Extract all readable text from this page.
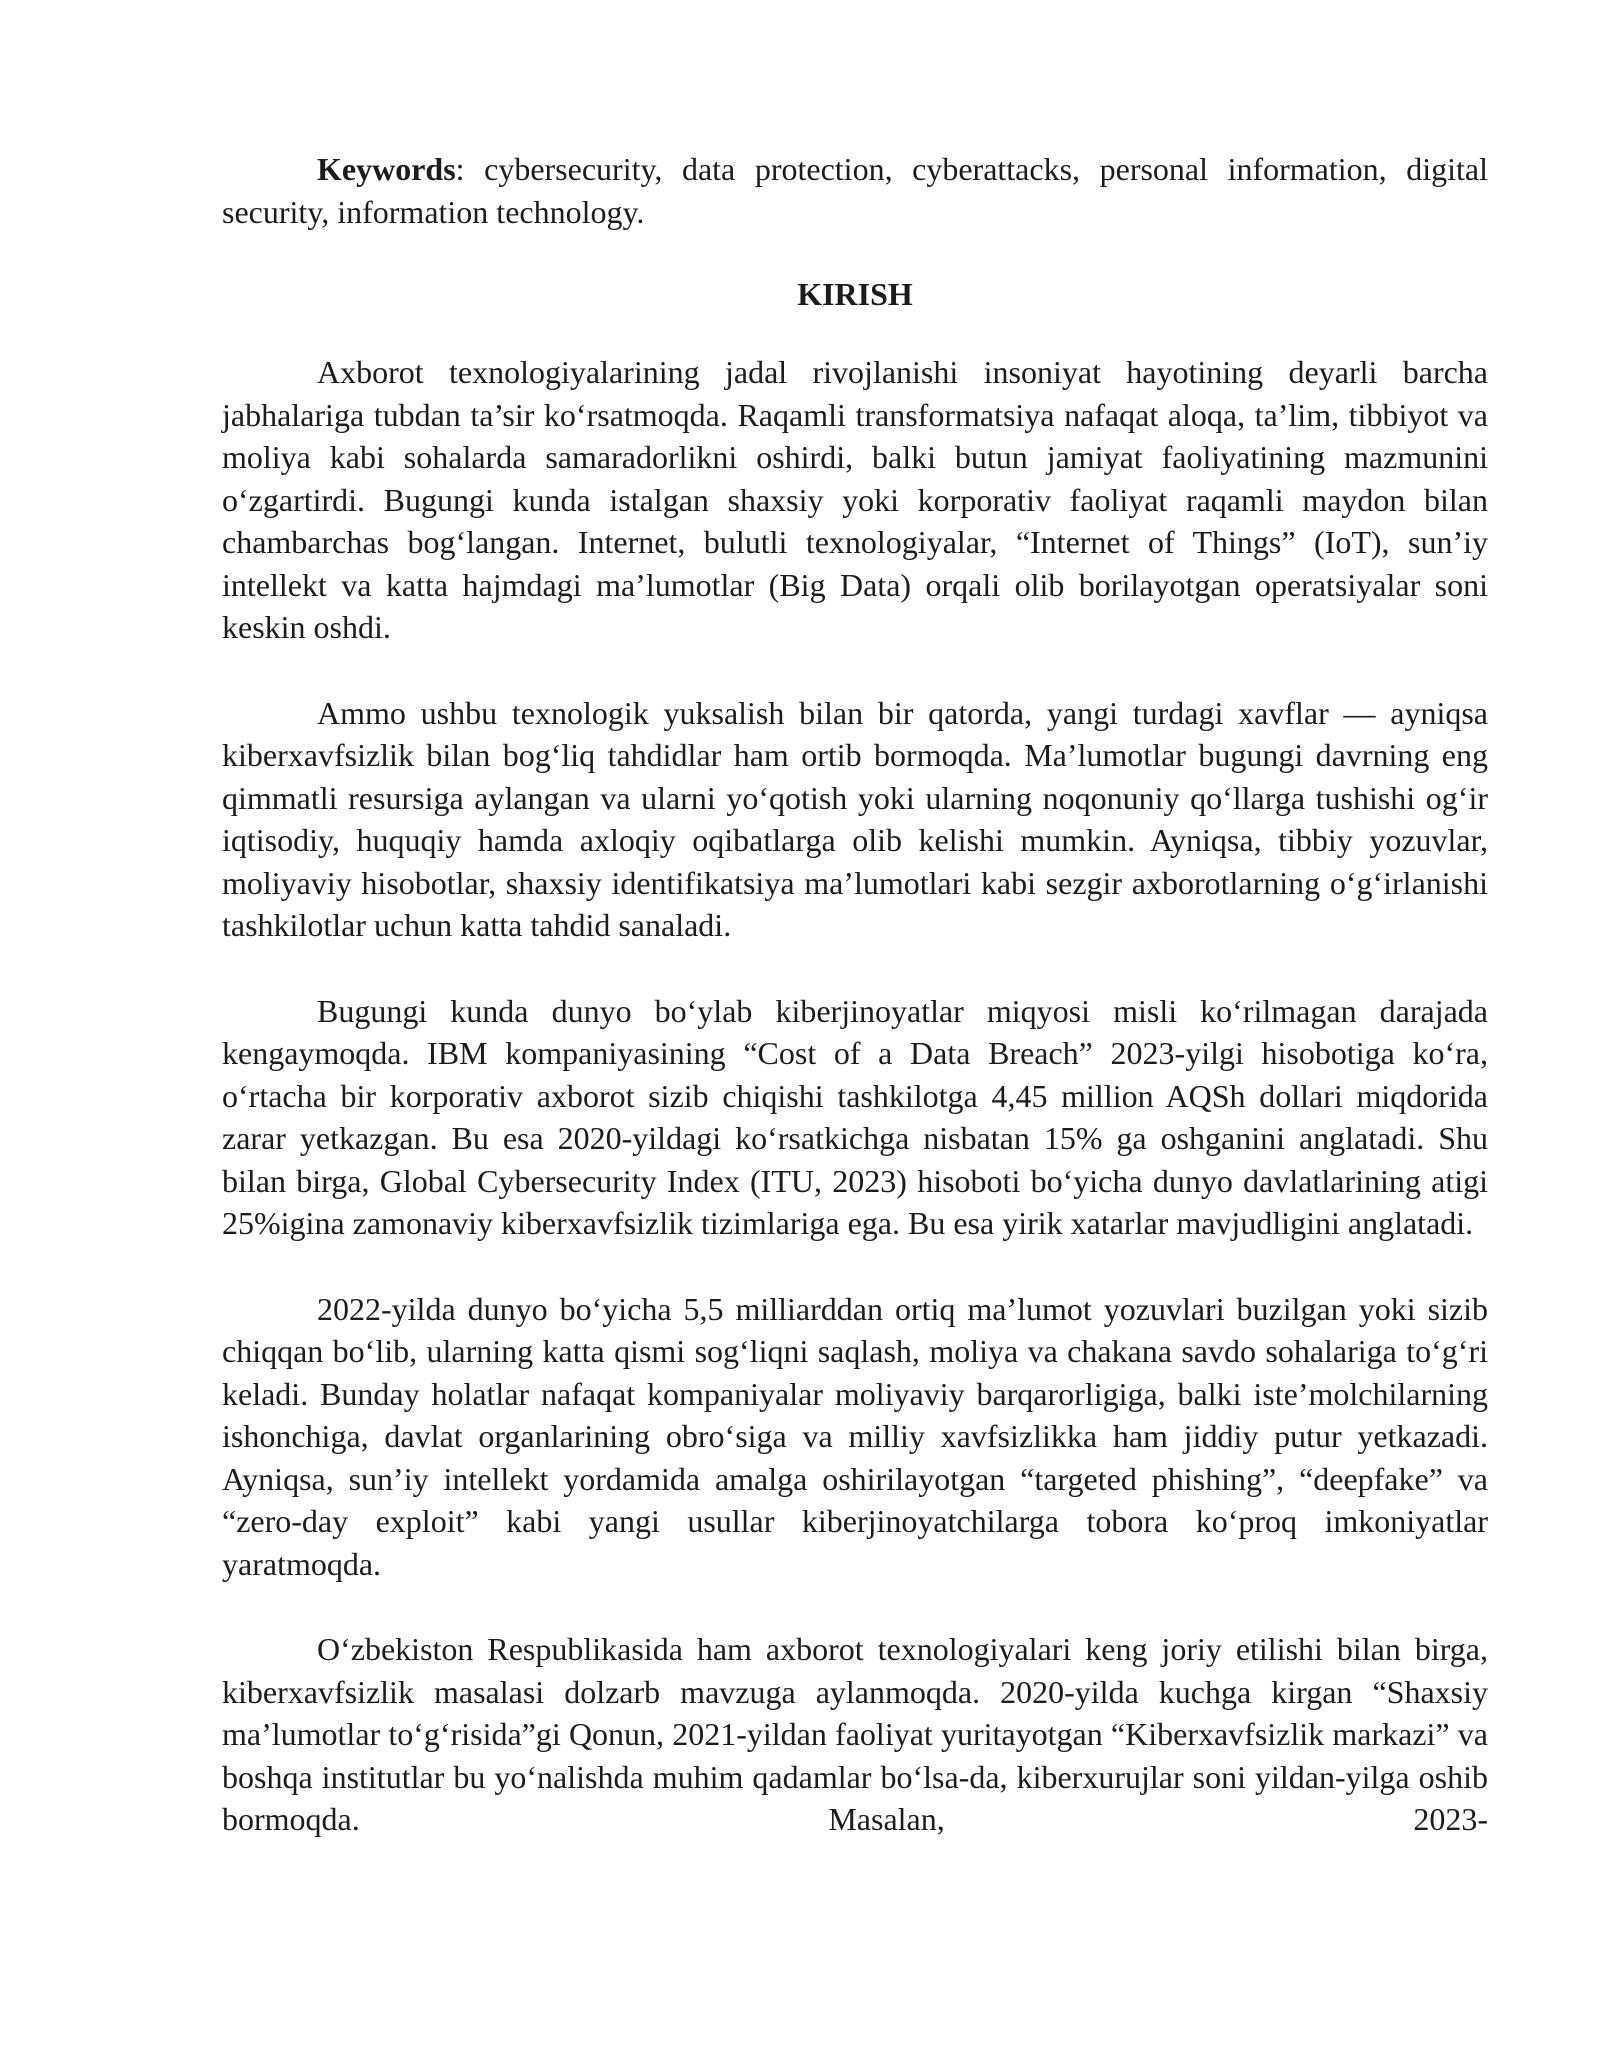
Keywords: cybersecurity, data protection, cyberattacks, personal information, digital security, information technology.

KIRISH

Axborot texnologiyalarining jadal rivojlanishi insoniyat hayotining deyarli barcha jabhalariga tubdan ta’sir ko‘rsatmoqda. Raqamli transformatsiya nafaqat aloqa, ta’lim, tibbiyot va moliya kabi sohalarda samaradorlikni oshirdi, balki butun jamiyat faoliyatining mazmunini o‘zgartirdi. Bugungi kunda istalgan shaxsiy yoki korporativ faoliyat raqamli maydon bilan chambarchas bog‘langan. Internet, bulutli texnologiyalar, “Internet of Things” (IoT), sun’iy intellekt va katta hajmdagi ma’lumotlar (Big Data) orqali olib borilayotgan operatsiyalar soni keskin oshdi.

Ammo ushbu texnologik yuksalish bilan bir qatorda, yangi turdagi xavflar — ayniqsa kiberxavfsizlik bilan bog‘liq tahdidlar ham ortib bormoqda. Ma’lumotlar bugungi davrning eng qimmatli resursiga aylangan va ularni yo‘qotish yoki ularning noqonuniy qo‘llarga tushishi og‘ir iqtisodiy, huquqiy hamda axloqiy oqibatlarga olib kelishi mumkin. Ayniqsa, tibbiy yozuvlar, moliyaviy hisobotlar, shaxsiy identifikatsiya ma’lumotlari kabi sezgir axborotlarning o‘g‘irlanishi tashkilotlar uchun katta tahdid sanaladi.

Bugungi kunda dunyo bo‘ylab kiberjinoyatlar miqyosi misli ko‘rilmagan darajada kengaymoqda. IBM kompaniyasining “Cost of a Data Breach” 2023-yilgi hisobotiga ko‘ra, o‘rtacha bir korporativ axborot sizib chiqishi tashkilotga 4,45 million AQSh dollari miqdorida zarar yetkazgan. Bu esa 2020-yildagi ko‘rsatkichga nisbatan 15% ga oshganini anglatadi. Shu bilan birga, Global Cybersecurity Index (ITU, 2023) hisoboti bo‘yicha dunyo davlatlarining atigi 25%igina zamonaviy kiberxavfsizlik tizimlariga ega. Bu esa yirik xatarlar mavjudligini anglatadi.

2022-yilda dunyo bo‘yicha 5,5 milliarddan ortiq ma’lumot yozuvlari buzilgan yoki sizib chiqqan bo‘lib, ularning katta qismi sog‘liqni saqlash, moliya va chakana savdo sohalariga to‘g‘ri keladi. Bunday holatlar nafaqat kompaniyalar moliyaviy barqarorligiga, balki iste’molchilarning ishonchiga, davlat organlarining obro‘siga va milliy xavfsizlikka ham jiddiy putur yetkazadi. Ayniqsa, sun’iy intellekt yordamida amalga oshirilayotgan “targeted phishing”, “deepfake” va “zero-day exploit” kabi yangi usullar kiberjinoyatchilarga tobora ko‘proq imkoniyatlar yaratmoqda.

O‘zbekiston Respublikasida ham axborot texnologiyalari keng joriy etilishi bilan birga, kiberxavfsizlik masalasi dolzarb mavzuga aylanmoqda. 2020-yilda kuchga kirgan “Shaxsiy ma’lumotlar to‘g‘risida”gi Qonun, 2021-yildan faoliyat yuritayotgan “Kiberxavfsizlik markazi” va boshqa institutlar bu yo‘nalishda muhim qadamlar bo‘lsa-da, kiberxurujlar soni yildan-yilga oshib bormoqda. Masalan, 2023-
